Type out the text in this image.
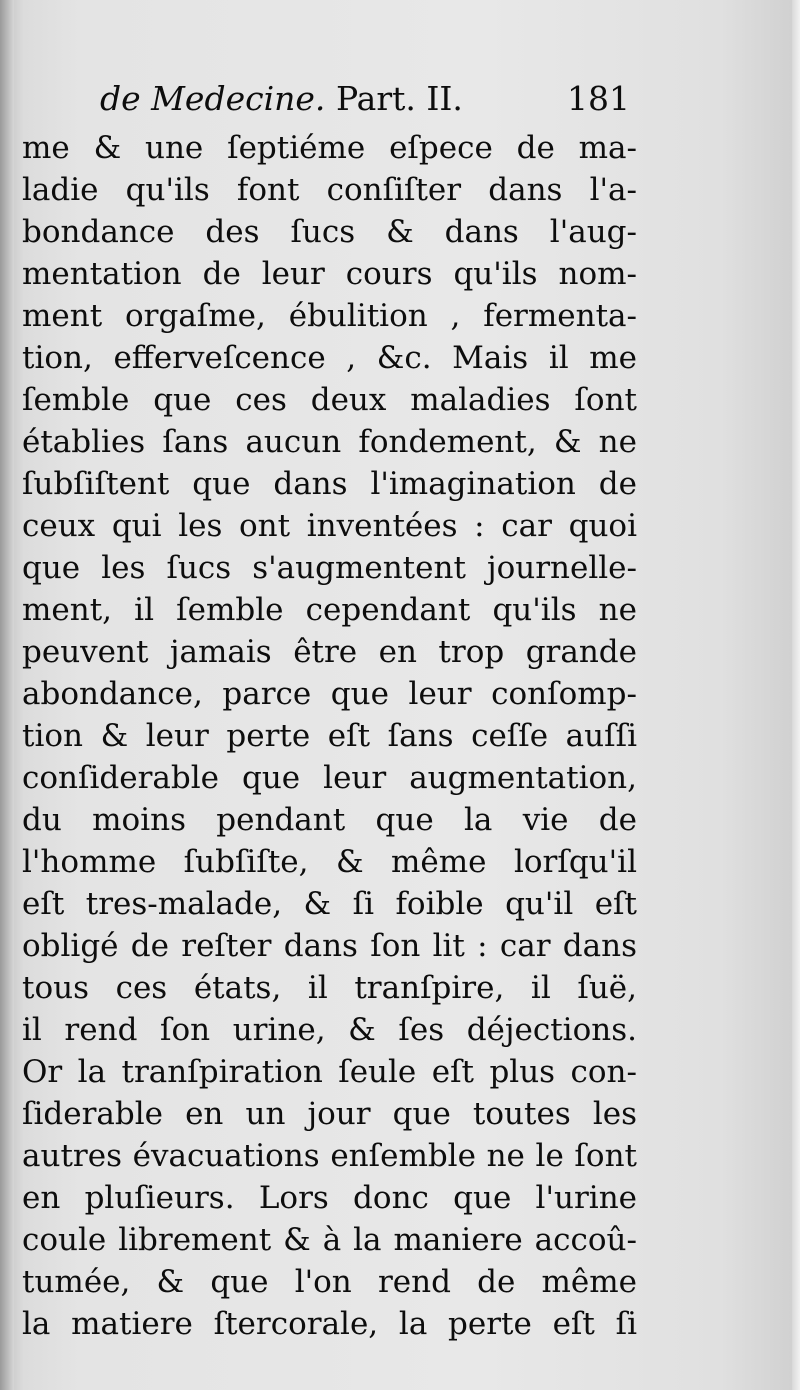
de Medecine. Part. II.	181
me & une ſeptiéme eſpece de ma-
ladie qu'ils font conſiſter dans l'a-
bondance des ſucs & dans l'aug-
mentation de leur cours qu'ils nom-
ment orgaſme, ébulition , fermenta-
tion, efferveſcence , &c. Mais il me
ſemble que ces deux maladies ſont
établies ſans aucun fondement, & ne
ſubſiſtent que dans l'imagination de
ceux qui les ont inventées : car quoi
que les ſucs s'augmentent journelle-
ment, il ſemble cependant qu'ils ne
peuvent jamais être en trop grande
abondance, parce que leur conſomp-
tion & leur perte eſt ſans ceſſe auſſi
conſiderable que leur augmentation,
du moins pendant que la vie de
l'homme ſubſiſte, & même lorſqu'il
eſt tres-malade, & ſi foible qu'il eſt
obligé de reſter dans ſon lit : car dans
tous ces états, il tranſpire, il ſuë,
il rend ſon urine, & ſes déjections.
Or la tranſpiration ſeule eſt plus con-
ſiderable en un jour que toutes les
autres évacuations enſemble ne le ſont
en pluſieurs. Lors donc que l'urine
coule librement & à la maniere accoû-
tumée, & que l'on rend de même
la matiere ſtercorale, la perte eſt ſi
